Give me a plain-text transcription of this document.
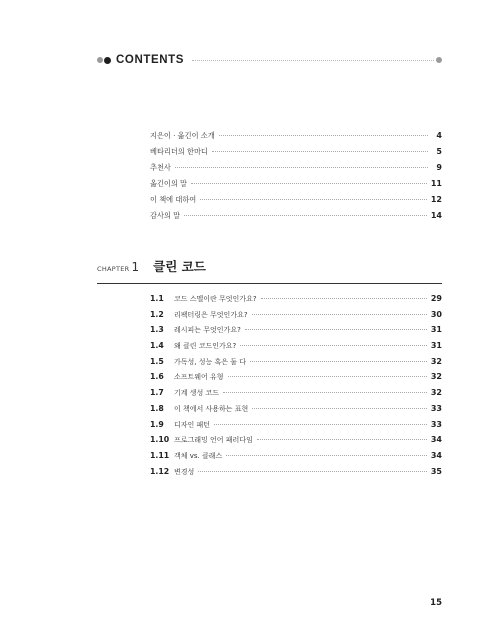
CONTENTS
지은이 · 옮긴이 소개	4
베타리더의 한마디	5
추천사	9
옮긴이의 말	11
이 책에 대하여	12
감사의 말	14
CHAPTER 1 클린 코드
1.1	코드 스멜이란 무엇인가요?	29
1.2	리팩터링은 무엇인가요?	30
1.3	레시피는 무엇인가요?	31
1.4	왜 클린 코드인가요?	31
1.5	가독성, 성능 혹은 둘 다	32
1.6	소프트웨어 유형	32
1.7	기계 생성 코드	32
1.8	이 책에서 사용하는 표현	33
1.9	디자인 패턴	33
1.10 프로그래밍 언어 패러다임	34
1.11 객체 vs. 클래스	34
1.12 변경성	35
15
